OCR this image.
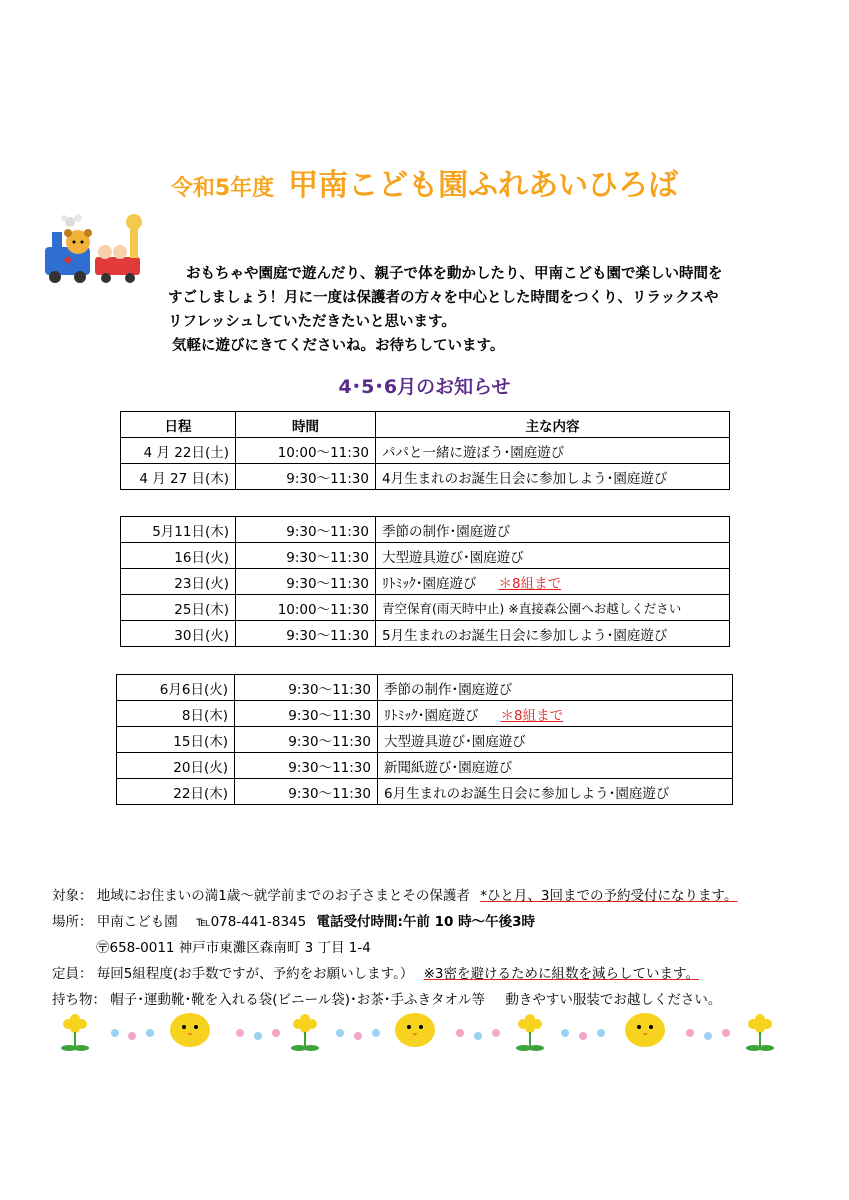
令和5年度 甲南こども園ふれあいひろば
おもちゃや園庭で遊んだり、親子で体を動かしたり、甲南こども園で楽しい時間を
すごしましょう！月に一度は保護者の方々を中心とした時間をつくり、リラックスや
リフレッシュしていただきたいと思います。
気軽に遊びにきてくださいね。お待ちしています。
4･5･6月のお知らせ
日程	時間	主な内容
4 月 22日(土)	10:00～11:30	パパと一緒に遊ぼう･園庭遊び
4 月 27 日(木)	9:30～11:30	4月生まれのお誕生日会に参加しよう･園庭遊び
5月11日(木)	9:30～11:30	季節の制作･園庭遊び
16日(火)	9:30～11:30	大型遊具遊び･園庭遊び
23日(火)	9:30～11:30	ﾘﾄﾐｯｸ･園庭遊び ＊8組まで
25日(木)	10:00～11:30	青空保育(雨天時中止) ※直接森公園へお越しください
30日(火)	9:30～11:30	5月生まれのお誕生日会に参加しよう･園庭遊び
6月6日(火)	9:30～11:30	季節の制作･園庭遊び
8日(木)	9:30～11:30	ﾘﾄﾐｯｸ･園庭遊び ＊8組まで
15日(木)	9:30～11:30	大型遊具遊び･園庭遊び
20日(火)	9:30～11:30	新聞紙遊び･園庭遊び
22日(木)	9:30～11:30	6月生まれのお誕生日会に参加しよう･園庭遊び
対象： 地域にお住まいの満1歳～就学前までのお子さまとその保護者 *ひと月、3回までの予約受付になります。
場所： 甲南こども園 ℡078-441-8345 電話受付時間:午前 10 時～午後3時
〶658-0011 神戸市東灘区森南町 3 丁目 1-4
定員： 毎回5組程度(お手数ですが、予約をお願いします。） ※3密を避けるために組数を減らしています。
持ち物： 帽子･運動靴･靴を入れる袋(ビニール袋)･お茶･手ふきタオル等 動きやすい服装でお越しください。
